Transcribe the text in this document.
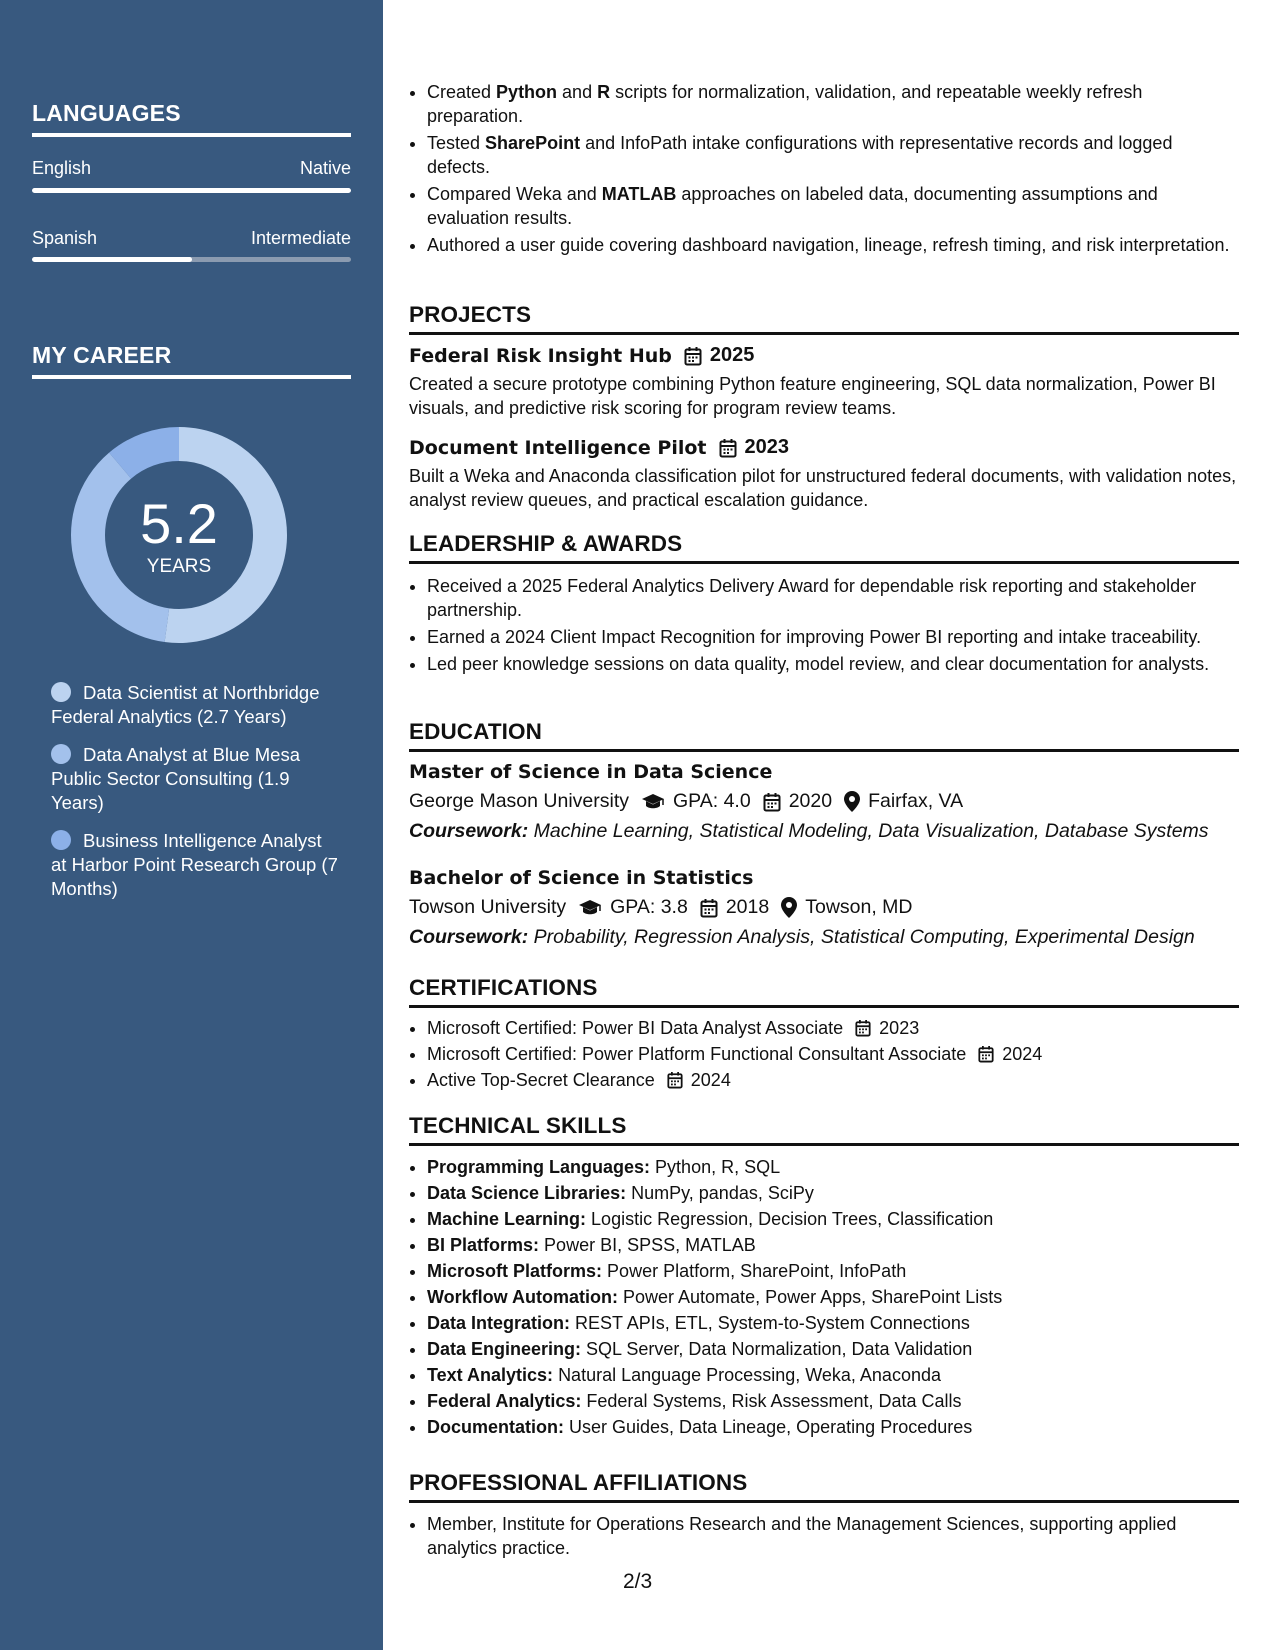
LANGUAGES
English	Native
Spanish	Intermediate
MY CAREER
5.2
YEARS
Data Scientist at Northbridge Federal Analytics (2.7 Years)
Data Analyst at Blue Mesa Public Sector Consulting (1.9 Years)
Business Intelligence Analyst at Harbor Point Research Group (7 Months)
• Created Python and R scripts for normalization, validation, and repeatable weekly refresh preparation.
• Tested SharePoint and InfoPath intake configurations with representative records and logged defects.
• Compared Weka and MATLAB approaches on labeled data, documenting assumptions and evaluation results.
• Authored a user guide covering dashboard navigation, lineage, refresh timing, and risk interpretation.
PROJECTS
Federal Risk Insight Hub 2025
Created a secure prototype combining Python feature engineering, SQL data normalization, Power BI visuals, and predictive risk scoring for program review teams.
Document Intelligence Pilot 2023
Built a Weka and Anaconda classification pilot for unstructured federal documents, with validation notes, analyst review queues, and practical escalation guidance.
LEADERSHIP & AWARDS
• Received a 2025 Federal Analytics Delivery Award for dependable risk reporting and stakeholder partnership.
• Earned a 2024 Client Impact Recognition for improving Power BI reporting and intake traceability.
• Led peer knowledge sessions on data quality, model review, and clear documentation for analysts.
EDUCATION
Master of Science in Data Science
George Mason University GPA: 4.0 2020 Fairfax, VA
Coursework: Machine Learning, Statistical Modeling, Data Visualization, Database Systems
Bachelor of Science in Statistics
Towson University GPA: 3.8 2018 Towson, MD
Coursework: Probability, Regression Analysis, Statistical Computing, Experimental Design
CERTIFICATIONS
• Microsoft Certified: Power BI Data Analyst Associate 2023
• Microsoft Certified: Power Platform Functional Consultant Associate 2024
• Active Top-Secret Clearance 2024
TECHNICAL SKILLS
• Programming Languages: Python, R, SQL
• Data Science Libraries: NumPy, pandas, SciPy
• Machine Learning: Logistic Regression, Decision Trees, Classification
• BI Platforms: Power BI, SPSS, MATLAB
• Microsoft Platforms: Power Platform, SharePoint, InfoPath
• Workflow Automation: Power Automate, Power Apps, SharePoint Lists
• Data Integration: REST APIs, ETL, System-to-System Connections
• Data Engineering: SQL Server, Data Normalization, Data Validation
• Text Analytics: Natural Language Processing, Weka, Anaconda
• Federal Analytics: Federal Systems, Risk Assessment, Data Calls
• Documentation: User Guides, Data Lineage, Operating Procedures
PROFESSIONAL AFFILIATIONS
• Member, Institute for Operations Research and the Management Sciences, supporting applied analytics practice.
2/3
